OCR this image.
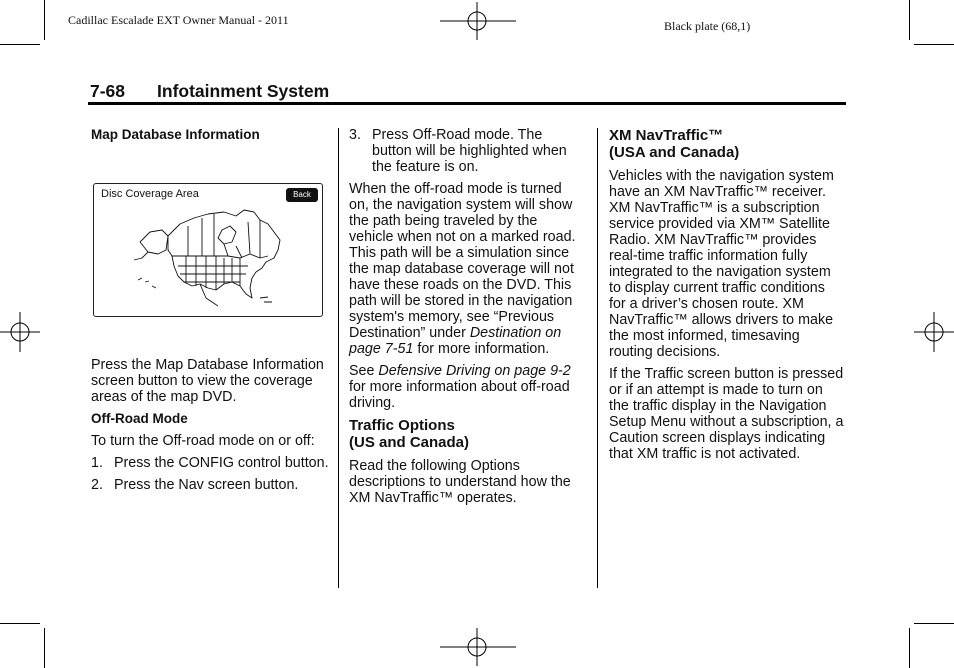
Cadillac Escalade EXT Owner Manual - 2011	Black plate (68,1)
7-68 Infotainment System
Map Database Information
Disc Coverage Area	Back

Press the Map Database Information screen button to view the coverage areas of the map DVD.

Off-Road Mode

To turn the Off-road mode on or off:

1. Press the CONFIG control button.
2. Press the Nav screen button.
3. Press Off-Road mode. The button will be highlighted when the feature is on.

When the off-road mode is turned on, the navigation system will show the path being traveled by the vehicle when not on a marked road. This path will be a simulation since the map database coverage will not have these roads on the DVD. This path will be stored in the navigation system's memory, see “Previous Destination” under Destination on page 7-51 for more information.

See Defensive Driving on page 9-2 for more information about off-road driving.

Traffic Options
(US and Canada)

Read the following Options descriptions to understand how the XM NavTraffic™ operates.

XM NavTraffic™
(USA and Canada)

Vehicles with the navigation system have an XM NavTraffic™ receiver. XM NavTraffic™ is a subscription service provided via XM™ Satellite Radio. XM NavTraffic™ provides real-time traffic information fully integrated to the navigation system to display current traffic conditions for a driver’s chosen route. XM NavTraffic™ allows drivers to make the most informed, timesaving routing decisions.

If the Traffic screen button is pressed or if an attempt is made to turn on the traffic display in the Navigation Setup Menu without a subscription, a Caution screen displays indicating that XM traffic is not activated.
